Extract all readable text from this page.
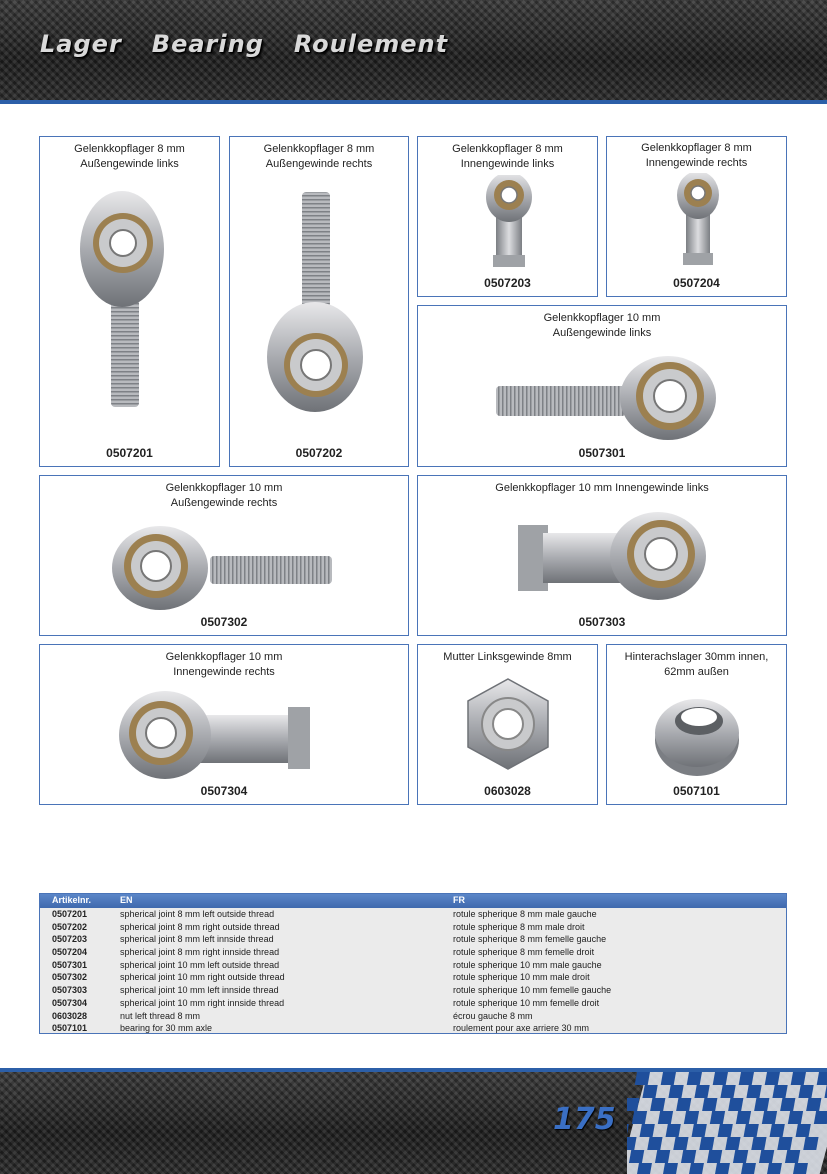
Lager Bearing Roulement
Gelenkkopflager 8 mm
Außengewinde links
0507201
Gelenkkopflager 8 mm
Außengewinde rechts
0507202
Gelenkkopflager 8 mm
Innengewinde links
0507203
Gelenkkopflager 8 mm
Innengewinde rechts
0507204
Gelenkkopflager 10 mm
Außengewinde links
0507301
Gelenkkopflager 10 mm
Außengewinde rechts
0507302
Gelenkkopflager 10 mm Innengewinde links
0507303
Gelenkkopflager 10 mm
Innengewinde rechts
0507304
Mutter Linksgewinde 8mm
0603028
Hinterachslager 30mm innen,
62mm außen
0507101
Artikelnr.	EN	FR
0507201	spherical joint 8 mm left outside thread	rotule spherique 8 mm male gauche
0507202	spherical joint 8 mm right outside thread	rotule spherique 8 mm male droit
0507203	spherical joint 8 mm left innside thread	rotule spherique 8 mm femelle gauche
0507204	spherical joint 8 mm right innside thread	rotule spherique 8 mm femelle droit
0507301	spherical joint 10 mm left outside thread	rotule spherique 10 mm male gauche
0507302	spherical joint 10 mm right outside thread	rotule spherique 10 mm male droit
0507303	spherical joint 10 mm left innside thread	rotule spherique 10 mm femelle gauche
0507304	spherical joint 10 mm right innside thread	rotule spherique 10 mm femelle droit
0603028	nut left thread 8 mm	écrou gauche 8 mm
0507101	bearing for 30 mm axle	roulement pour axe arriere 30 mm
175
